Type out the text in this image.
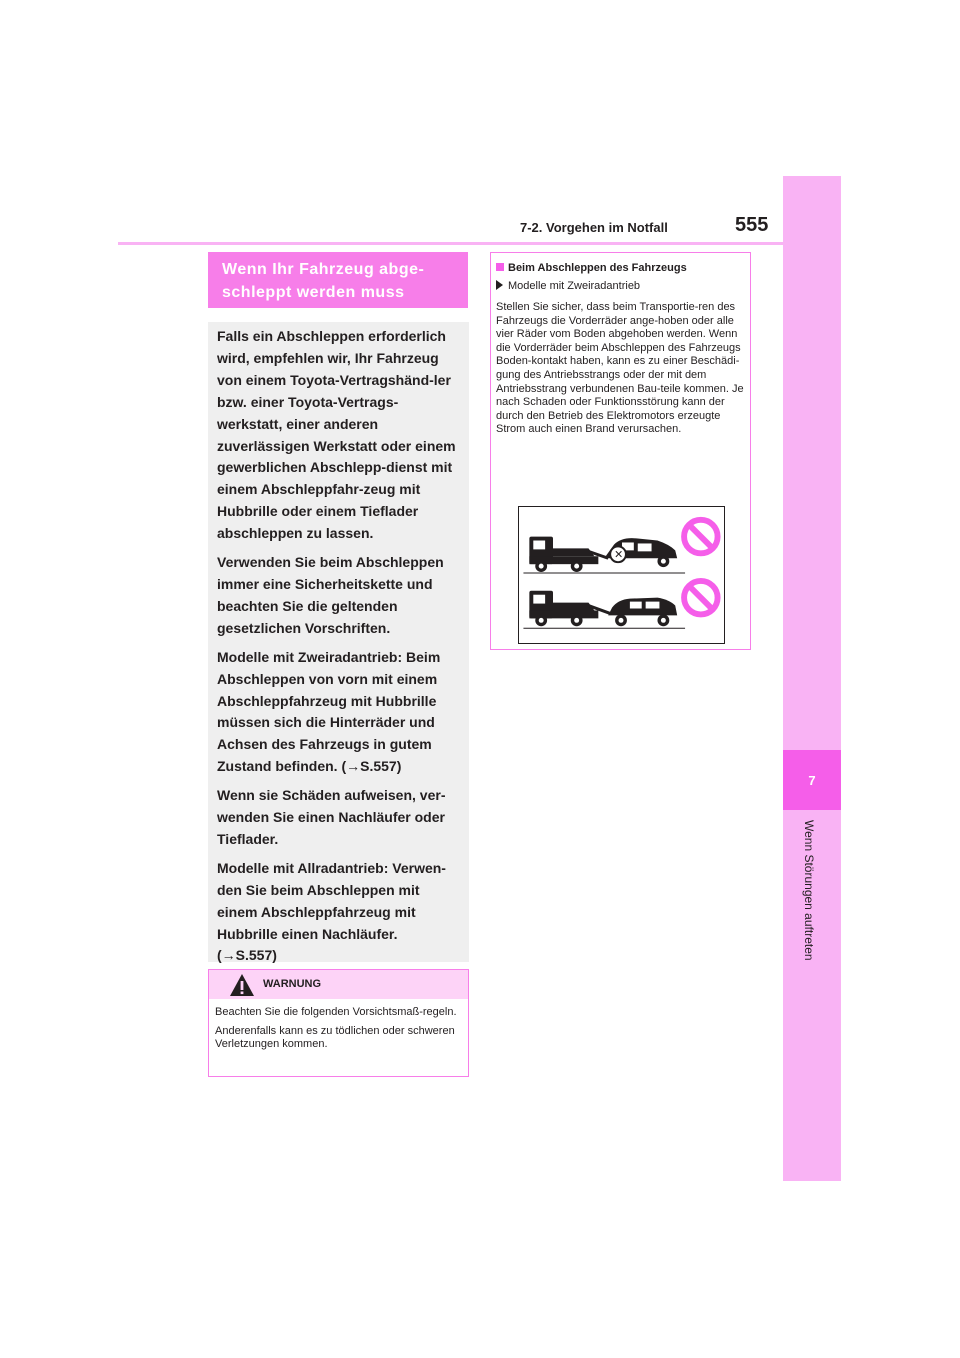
7
Wenn Störungen auftreten
7-2. Vorgehen im Notfall	555
Wenn Ihr Fahrzeug abge-
schleppt werden muss

Falls ein Abschleppen erforderlich wird, empfehlen wir, Ihr Fahrzeug von einem Toyota-Vertragshänd-ler bzw. einer Toyota-Vertrags-werkstatt, einer anderen zuverlässigen Werkstatt oder einem gewerblichen Abschlepp-dienst mit einem Abschleppfahr-zeug mit Hubbrille oder einem Tieflader abschleppen zu lassen.

Verwenden Sie beim Abschleppen immer eine Sicherheitskette und beachten Sie die geltenden gesetzlichen Vorschriften.

Modelle mit Zweiradantrieb: Beim Abschleppen von vorn mit einem Abschleppfahrzeug mit Hubbrille müssen sich die Hinterräder und Achsen des Fahrzeugs in gutem Zustand befinden. (→S.557)

Wenn sie Schäden aufweisen, ver-wenden Sie einen Nachläufer oder Tieflader.

Modelle mit Allradantrieb: Verwen-den Sie beim Abschleppen mit einem Abschleppfahrzeug mit Hubbrille einen Nachläufer. (→S.557)

WARNUNG

Beachten Sie die folgenden Vorsichtsmaß-regeln.

Anderenfalls kann es zu tödlichen oder schweren Verletzungen kommen.

Beim Abschleppen des Fahrzeugs
Modelle mit Zweiradantrieb
Stellen Sie sicher, dass beim Transportie-ren des Fahrzeugs die Vorderräder ange-hoben oder alle vier Räder vom Boden abgehoben werden. Wenn die Vorderräder beim Abschleppen des Fahrzeugs Boden-kontakt haben, kann es zu einer Beschädi-gung des Antriebsstrangs oder der mit dem Antriebsstrang verbundenen Bau-teile kommen. Je nach Schaden oder Funktionsstörung kann der durch den Betrieb des Elektromotors erzeugte Strom auch einen Brand verursachen.
✕
